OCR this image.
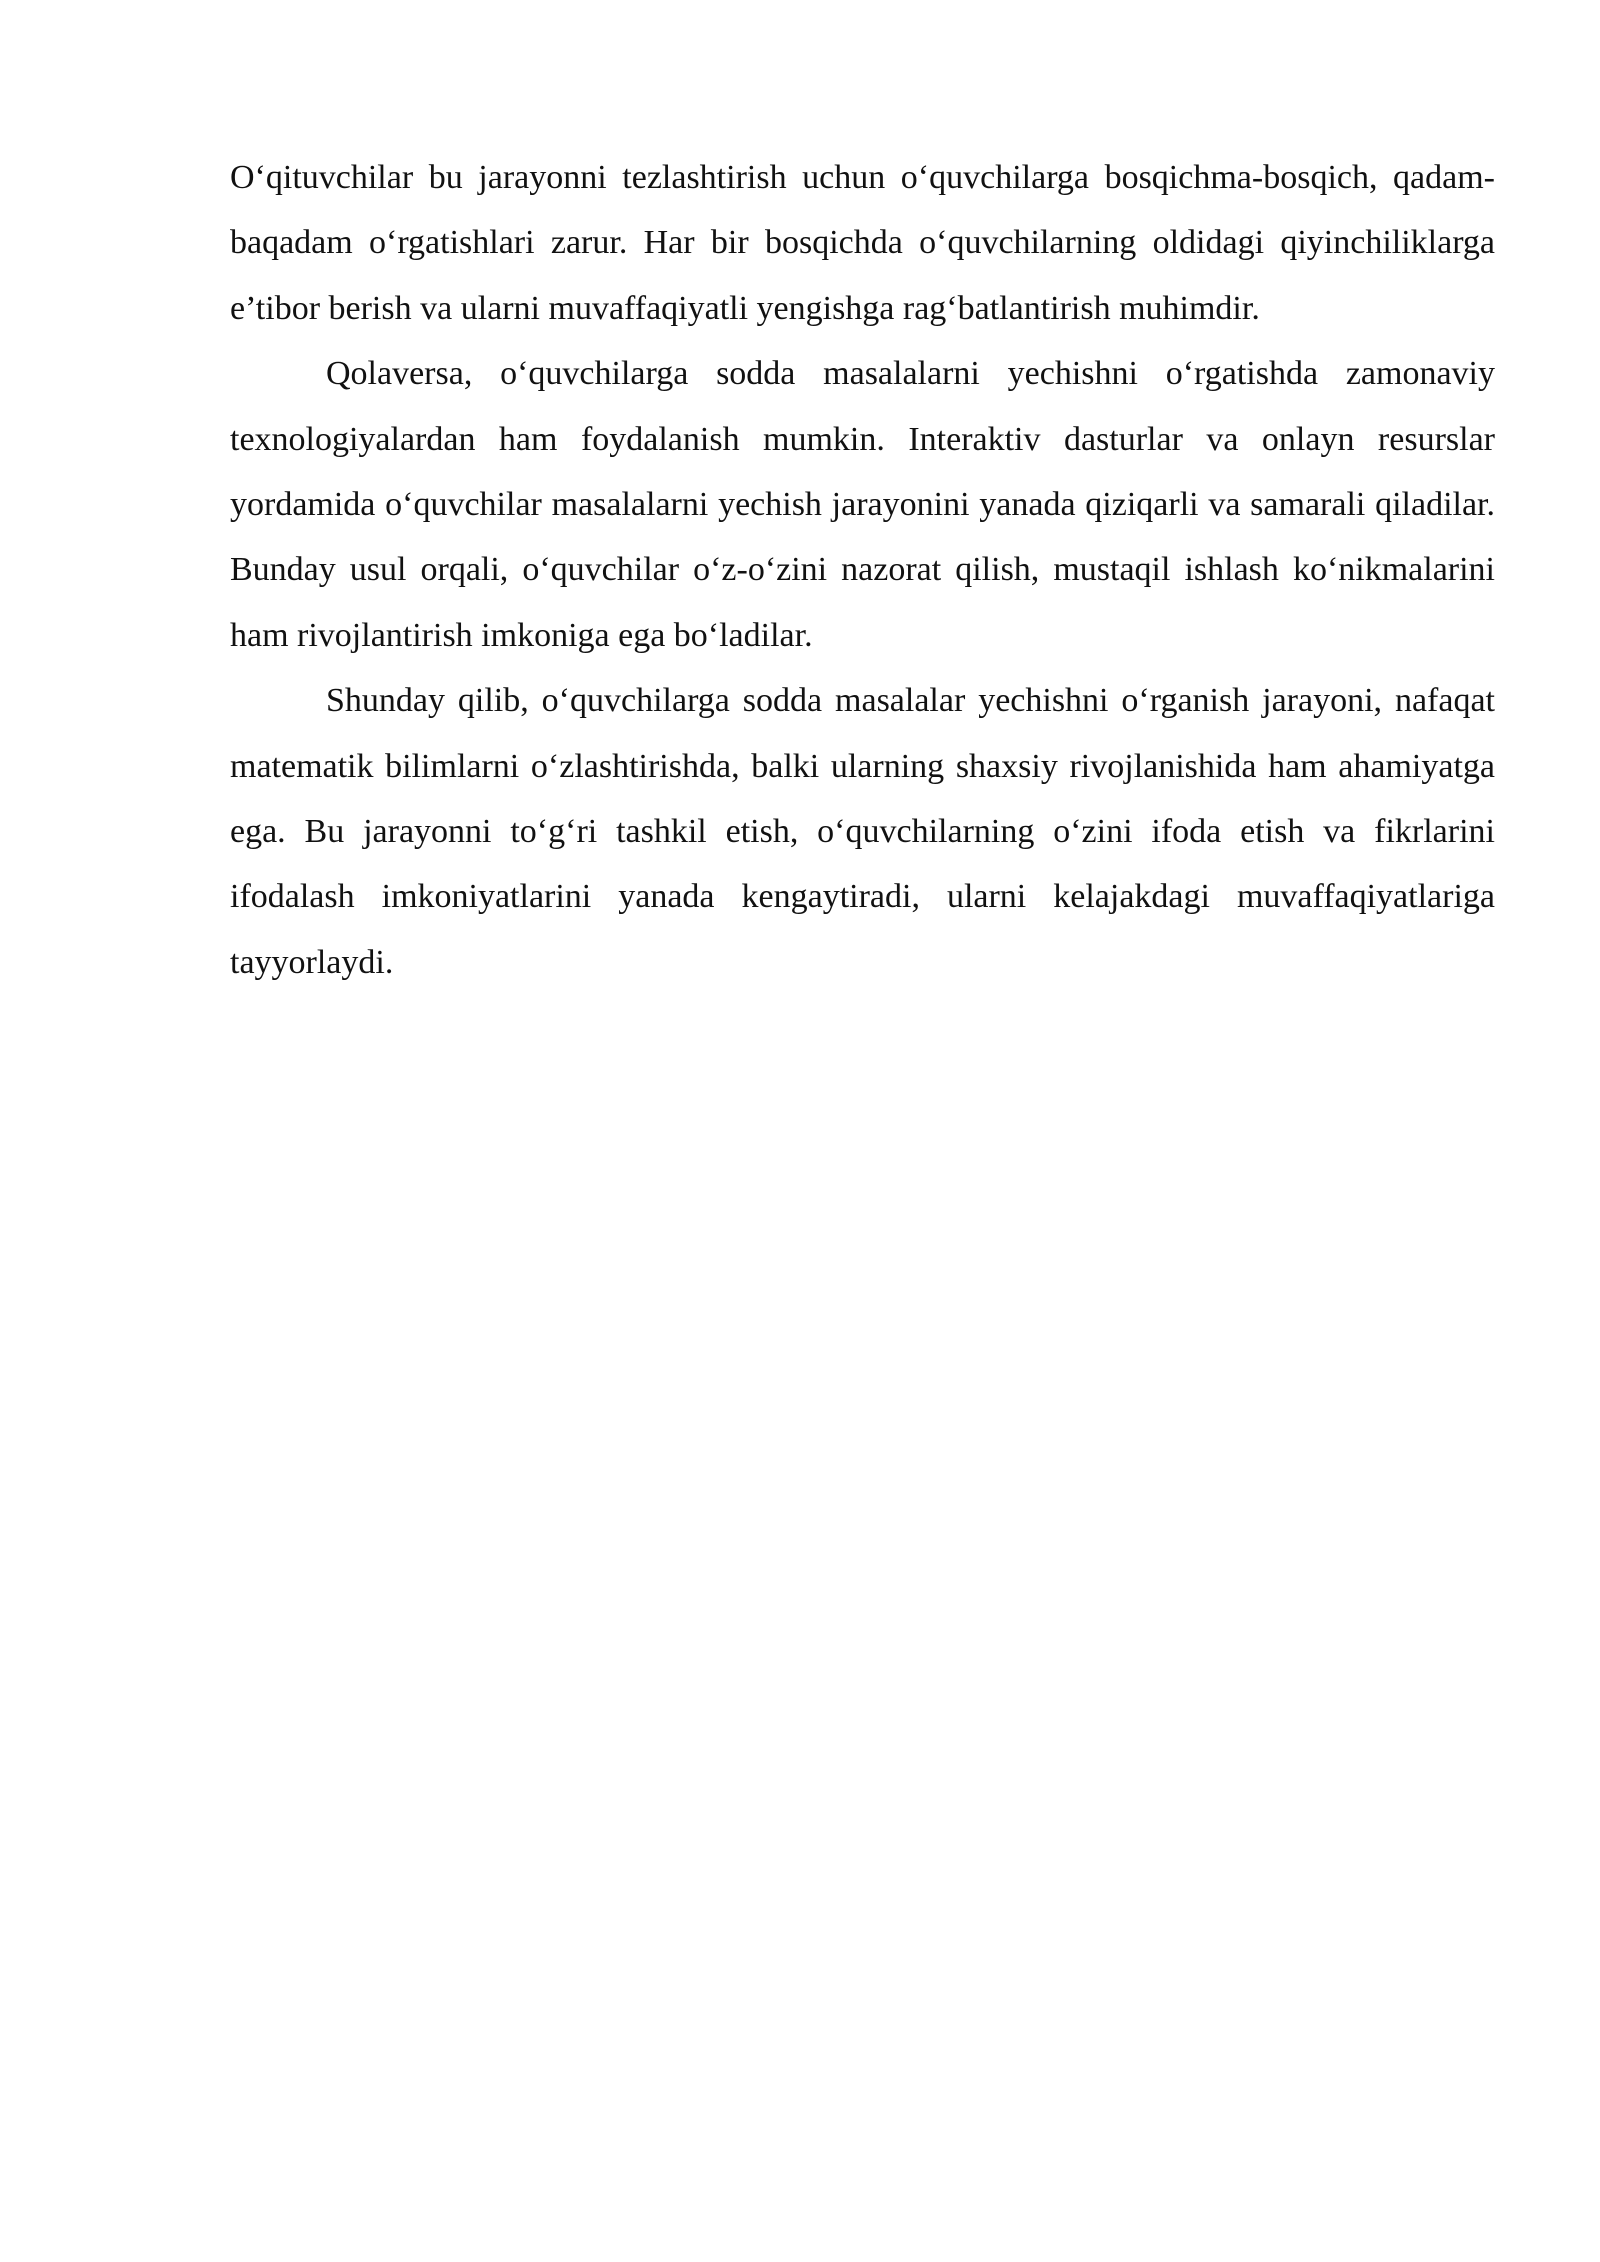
O‘qituvchilar bu jarayonni tezlashtirish uchun o‘quvchilarga bosqichma-bosqich, qadam-baqadam o‘rgatishlari zarur. Har bir bosqichda o‘quvchilarning oldidagi qiyinchiliklarga e’tibor berish va ularni muvaffaqiyatli yengishga rag‘batlantirish muhimdir.

Qolaversa, o‘quvchilarga sodda masalalarni yechishni o‘rgatishda zamonaviy texnologiyalardan ham foydalanish mumkin. Interaktiv dasturlar va onlayn resurslar yordamida o‘quvchilar masalalarni yechish jarayonini yanada qiziqarli va samarali qiladilar. Bunday usul orqali, o‘quvchilar o‘z-o‘zini nazorat qilish, mustaqil ishlash ko‘nikmalarini ham rivojlantirish imkoniga ega bo‘ladilar.

Shunday qilib, o‘quvchilarga sodda masalalar yechishni o‘rganish jarayoni, nafaqat matematik bilimlarni o‘zlashtirishda, balki ularning shaxsiy rivojlanishida ham ahamiyatga ega. Bu jarayonni to‘g‘ri tashkil etish, o‘quvchilarning o‘zini ifoda etish va fikrlarini ifodalash imkoniyatlarini yanada kengaytiradi, ularni kelajakdagi muvaffaqiyatlariga tayyorlaydi.
